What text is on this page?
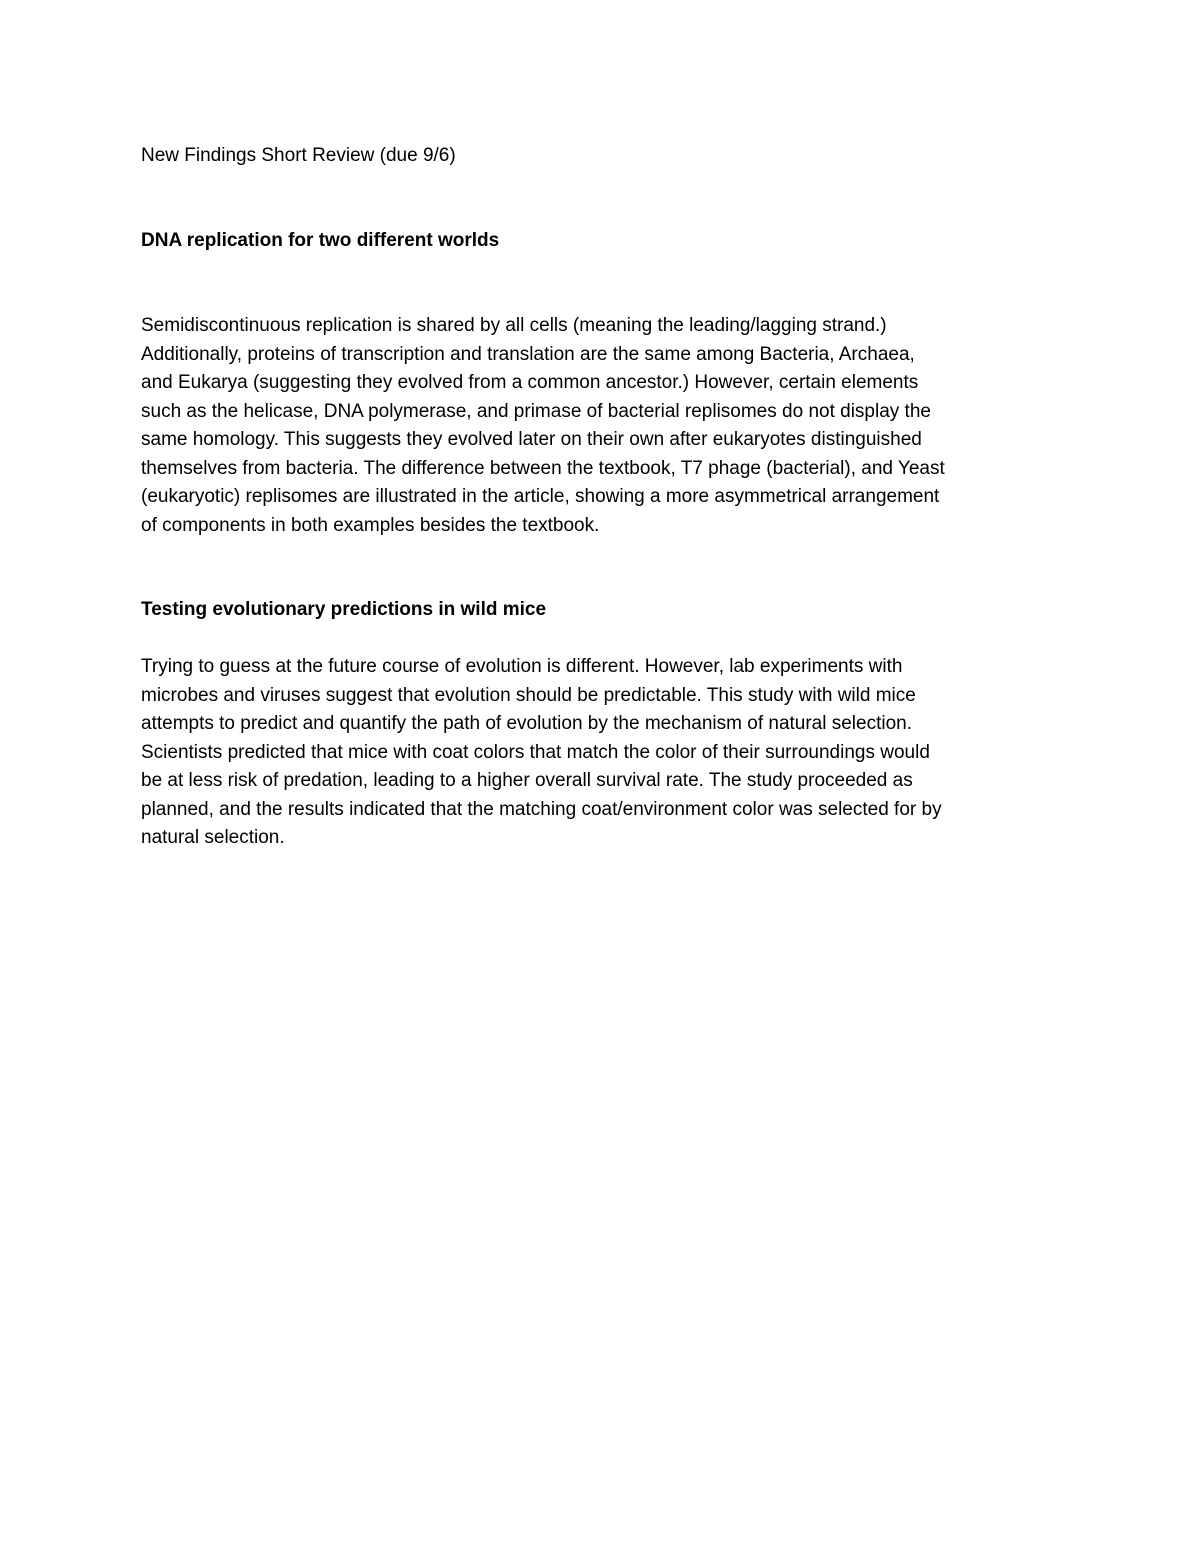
New Findings Short Review (due 9/6)
DNA replication for two different worlds
Semidiscontinuous replication is shared by all cells (meaning the leading/lagging strand.)
Additionally, proteins of transcription and translation are the same among Bacteria, Archaea,
and Eukarya (suggesting they evolved from a common ancestor.) However, certain elements
such as the helicase, DNA polymerase, and primase of bacterial replisomes do not display the
same homology. This suggests they evolved later on their own after eukaryotes distinguished
themselves from bacteria. The difference between the textbook, T7 phage (bacterial), and Yeast
(eukaryotic) replisomes are illustrated in the article, showing a more asymmetrical arrangement
of components in both examples besides the textbook.
Testing evolutionary predictions in wild mice
Trying to guess at the future course of evolution is different. However, lab experiments with
microbes and viruses suggest that evolution should be predictable. This study with wild mice
attempts to predict and quantify the path of evolution by the mechanism of natural selection.
Scientists predicted that mice with coat colors that match the color of their surroundings would
be at less risk of predation, leading to a higher overall survival rate. The study proceeded as
planned, and the results indicated that the matching coat/environment color was selected for by
natural selection.
